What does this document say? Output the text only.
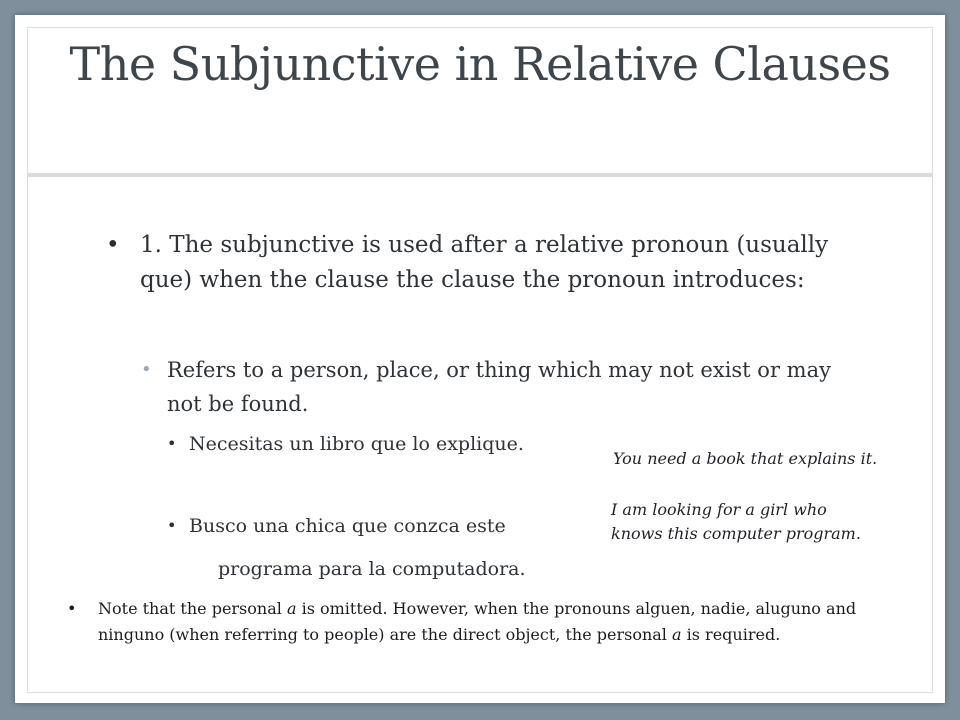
The Subjunctive in Relative Clauses
• 1. The subjunctive is used after a relative pronoun (usually que) when the clause the clause the pronoun introduces:

• Refers to a person, place, or thing which may not exist or may not be found.

• Necesitas un libro que lo explique.

• Busco una chica que conzca este

programa para la computadora.

You need a book that explains it.

I am looking for a girl who knows this computer program.

• Note that the personal a is omitted. However, when the pronouns alguen, nadie, aluguno and ninguno (when referring to people) are the direct object, the personal a is required.
